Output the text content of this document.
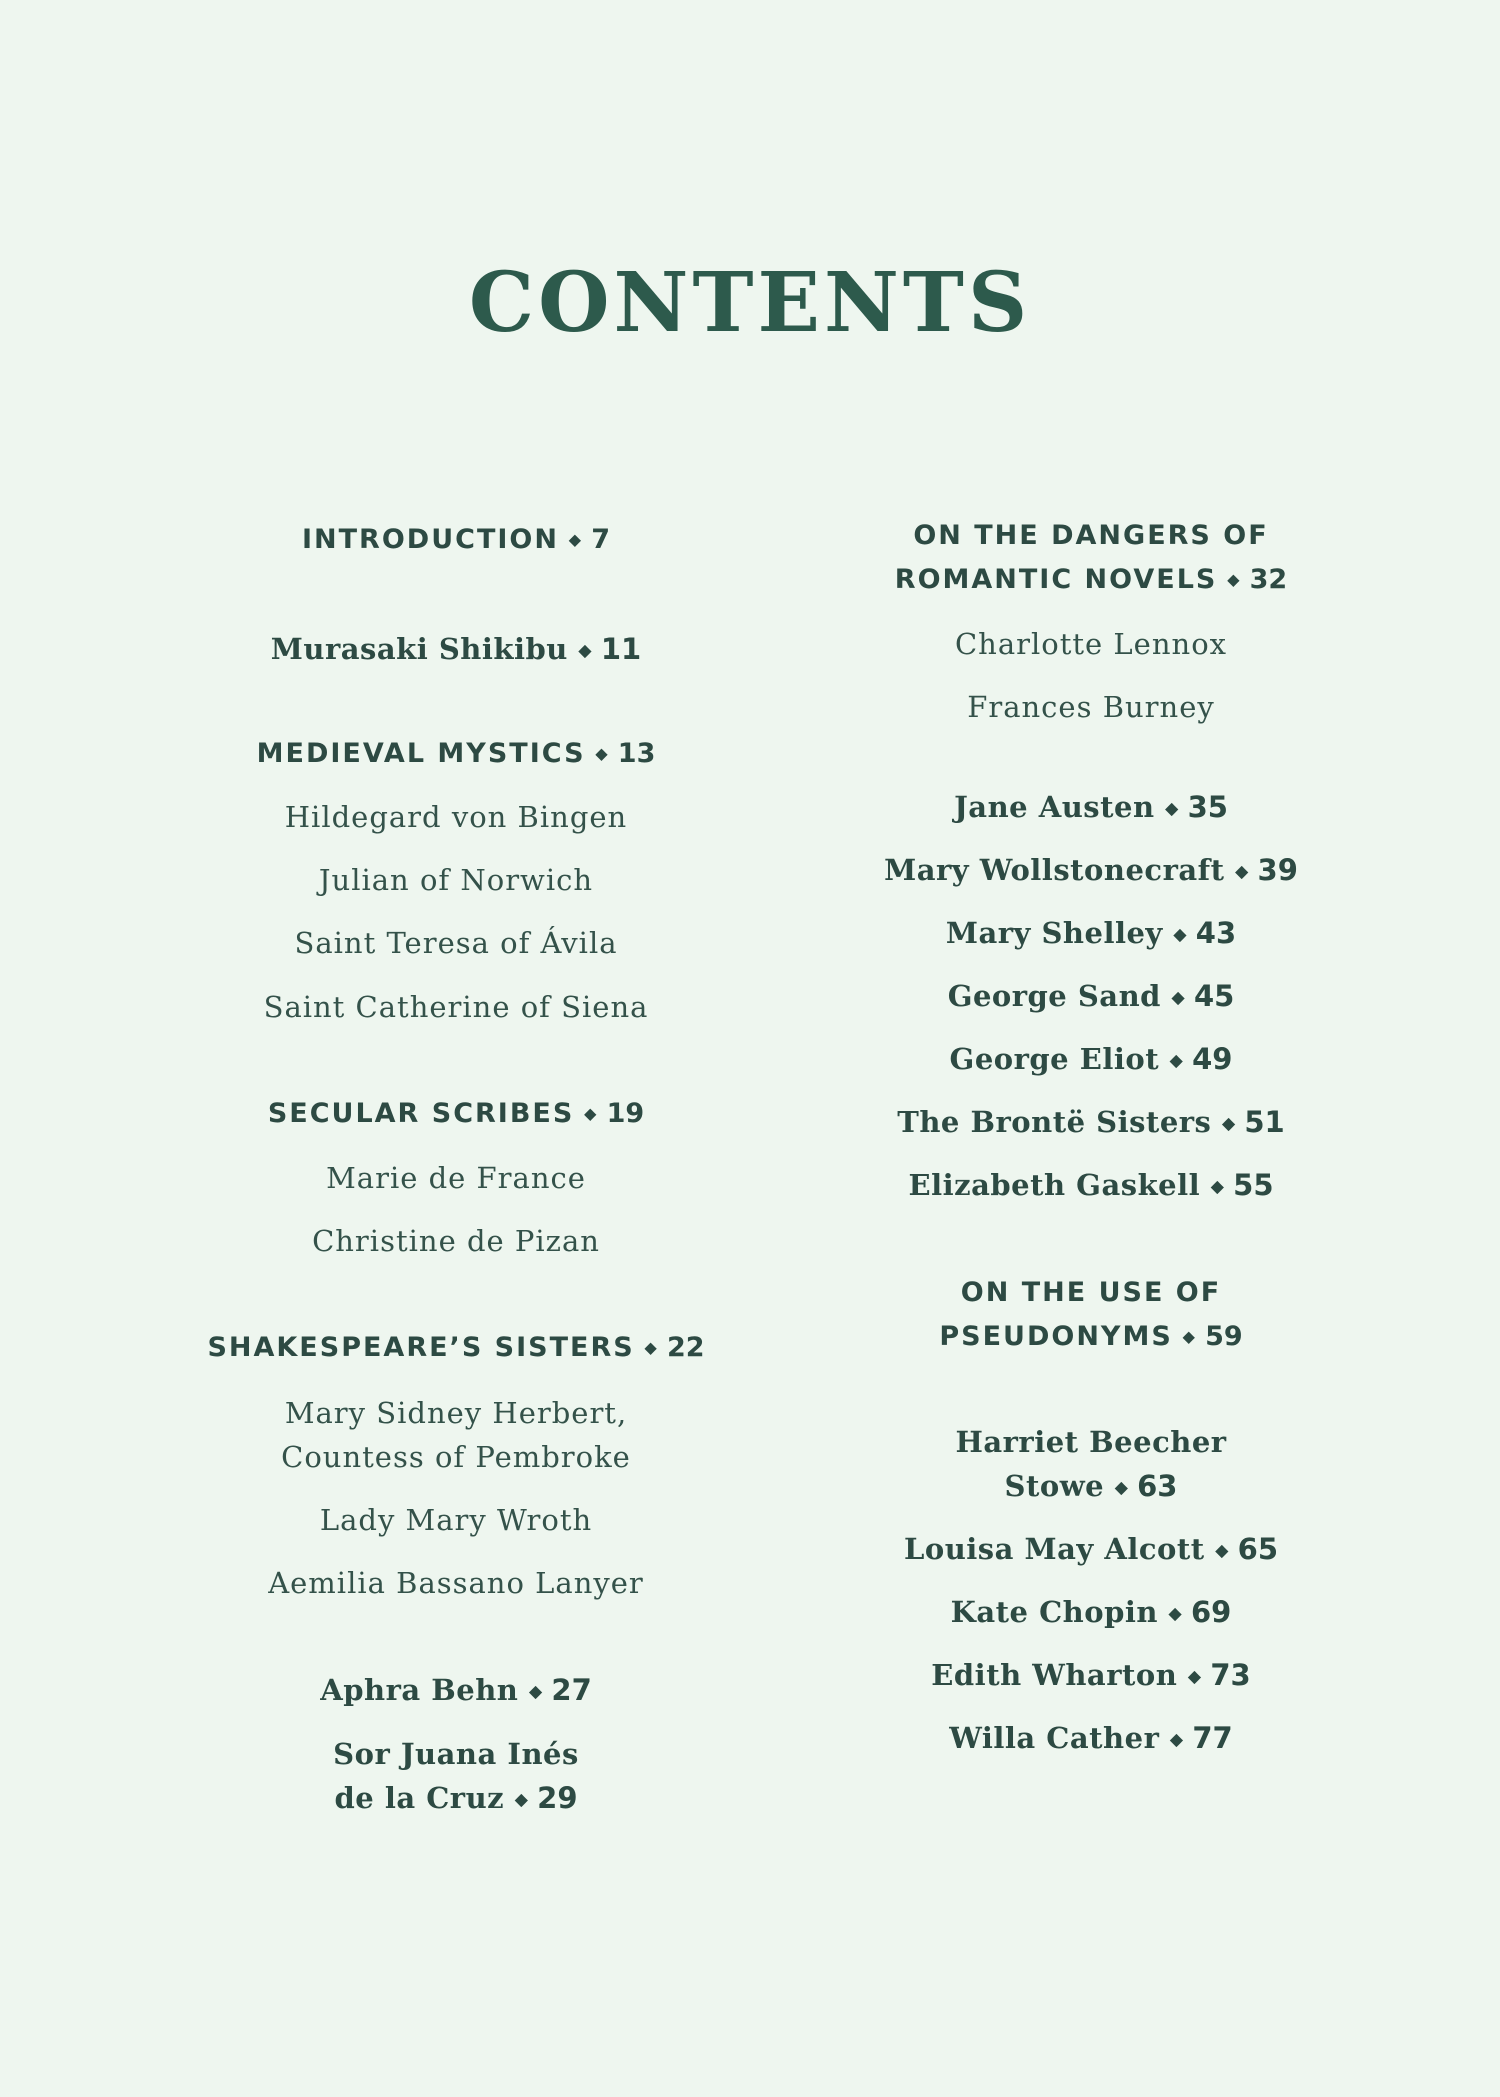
CONTENTS
INTRODUCTION ◆ 7
Murasaki Shikibu ◆ 11
MEDIEVAL MYSTICS ◆ 13
Hildegard von Bingen
Julian of Norwich
Saint Teresa of Ávila
Saint Catherine of Siena
SECULAR SCRIBES ◆ 19
Marie de France
Christine de Pizan
SHAKESPEARE’S SISTERS ◆ 22
Mary Sidney Herbert,
Countess of Pembroke
Lady Mary Wroth
Aemilia Bassano Lanyer
Aphra Behn ◆ 27
Sor Juana Inés
de la Cruz ◆ 29
ON THE DANGERS OF
ROMANTIC NOVELS ◆ 32
Charlotte Lennox
Frances Burney
Jane Austen ◆ 35
Mary Wollstonecraft ◆ 39
Mary Shelley ◆ 43
George Sand ◆ 45
George Eliot ◆ 49
The Brontë Sisters ◆ 51
Elizabeth Gaskell ◆ 55
ON THE USE OF
PSEUDONYMS ◆ 59
Harriet Beecher
Stowe ◆ 63
Louisa May Alcott ◆ 65
Kate Chopin ◆ 69
Edith Wharton ◆ 73
Willa Cather ◆ 77
